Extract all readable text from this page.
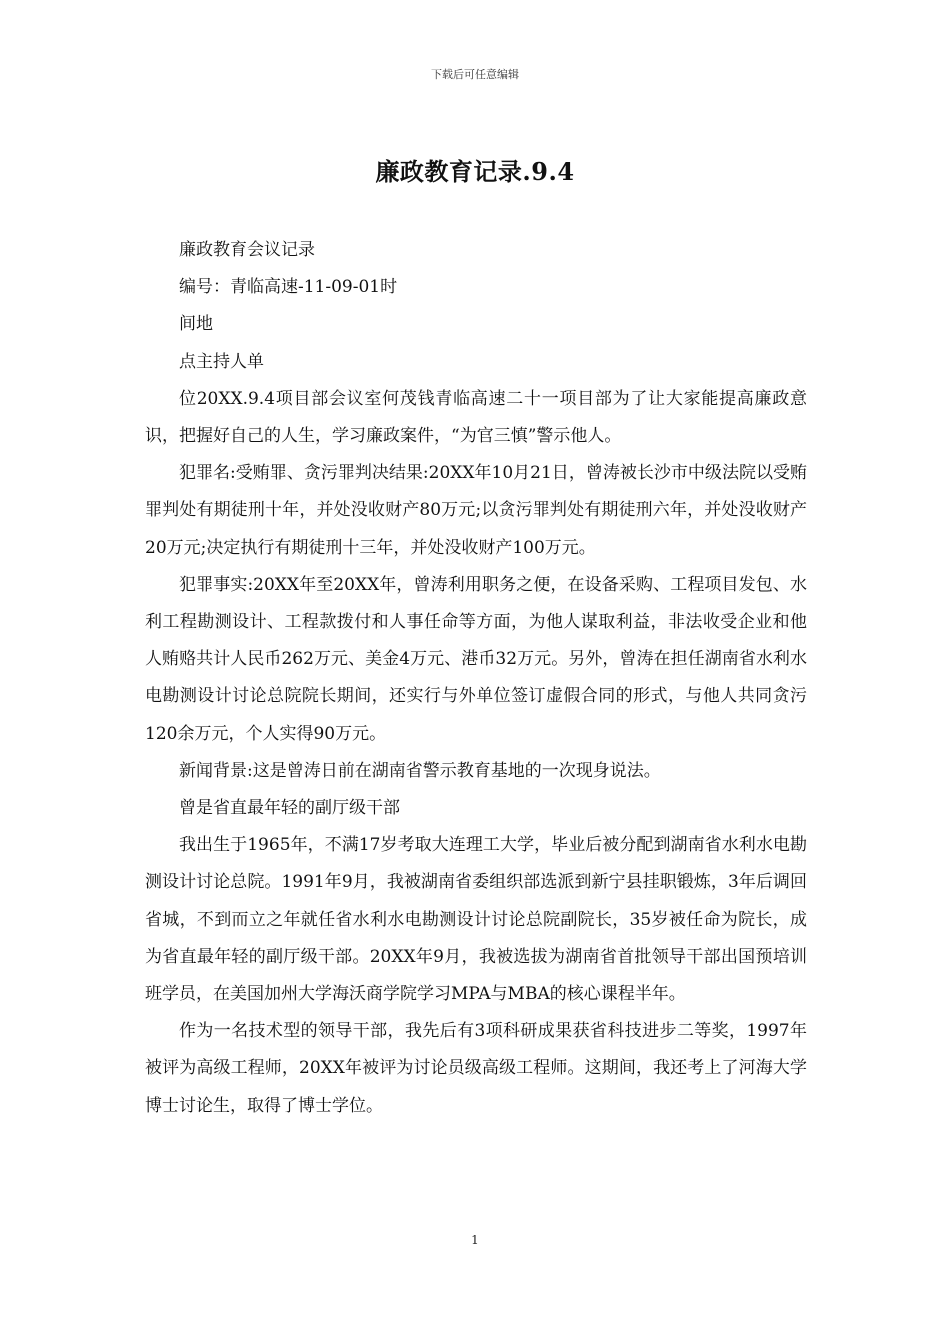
下载后可任意编辑
廉政教育记录.9.4

廉政教育会议记录

编号：青临高速-11-09-01时

间地

点主持人单

位20XX.9.4项目部会议室何茂钱青临高速二十一项目部为了让大家能提高廉政意识，把握好自己的人生，学习廉政案件，“为官三慎”警示他人。

犯罪名:受贿罪、贪污罪判决结果:20XX年10月21日，曾涛被长沙市中级法院以受贿罪判处有期徒刑十年，并处没收财产80万元;以贪污罪判处有期徒刑六年，并处没收财产20万元;决定执行有期徒刑十三年，并处没收财产100万元。

犯罪事实:20XX年至20XX年，曾涛利用职务之便，在设备采购、工程项目发包、水利工程勘测设计、工程款拨付和人事任命等方面，为他人谋取利益，非法收受企业和他人贿赂共计人民币262万元、美金4万元、港币32万元。另外，曾涛在担任湖南省水利水电勘测设计讨论总院院长期间，还实行与外单位签订虚假合同的形式，与他人共同贪污120余万元，个人实得90万元。

新闻背景:这是曾涛日前在湖南省警示教育基地的一次现身说法。

曾是省直最年轻的副厅级干部

我出生于1965年，不满17岁考取大连理工大学，毕业后被分配到湖南省水利水电勘测设计讨论总院。1991年9月，我被湖南省委组织部选派到新宁县挂职锻炼，3年后调回省城，不到而立之年就任省水利水电勘测设计讨论总院副院长，35岁被任命为院长，成为省直最年轻的副厅级干部。20XX年9月，我被选拔为湖南省首批领导干部出国预培训班学员，在美国加州大学海沃商学院学习MPA与MBA的核心课程半年。

作为一名技术型的领导干部，我先后有3项科研成果获省科技进步二等奖，1997年被评为高级工程师，20XX年被评为讨论员级高级工程师。这期间，我还考上了河海大学博士讨论生，取得了博士学位。

1
